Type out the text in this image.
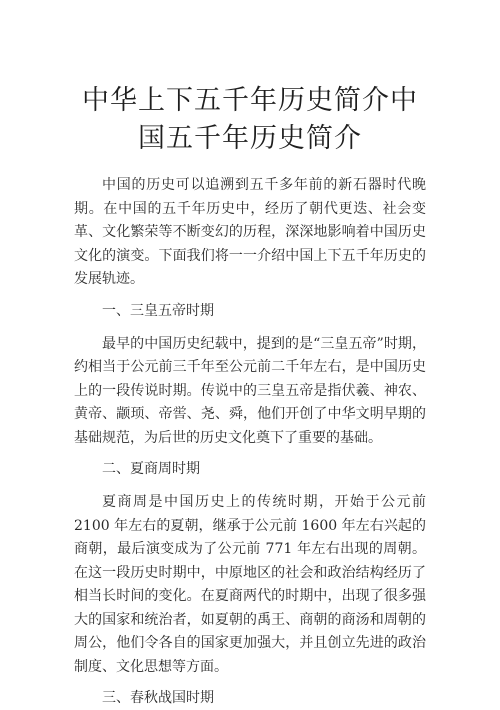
中华上下五千年历史简介中国五千年历史简介

中国的历史可以追溯到五千多年前的新石器时代晚期。在中国的五千年历史中，经历了朝代更迭、社会变革、文化繁荣等不断变幻的历程，深深地影响着中国历史文化的演变。下面我们将一一介绍中国上下五千年历史的发展轨迹。

一、三皇五帝时期

最早的中国历史纪载中，提到的是“三皇五帝”时期，约相当于公元前三千年至公元前二千年左右，是中国历史上的一段传说时期。传说中的三皇五帝是指伏羲、神农、黄帝、颛顼、帝喾、尧、舜，他们开创了中华文明早期的基础规范，为后世的历史文化奠下了重要的基础。

二、夏商周时期

夏商周是中国历史上的传统时期，开始于公元前 2100 年左右的夏朝，继承于公元前 1600 年左右兴起的商朝，最后演变成为了公元前 771 年左右出现的周朝。在这一段历史时期中，中原地区的社会和政治结构经历了相当长时间的变化。在夏商两代的时期中，出现了很多强大的国家和统治者，如夏朝的禹王、商朝的商汤和周朝的周公，他们令各自的国家更加强大，并且创立先进的政治制度、文化思想等方面。

三、春秋战国时期
